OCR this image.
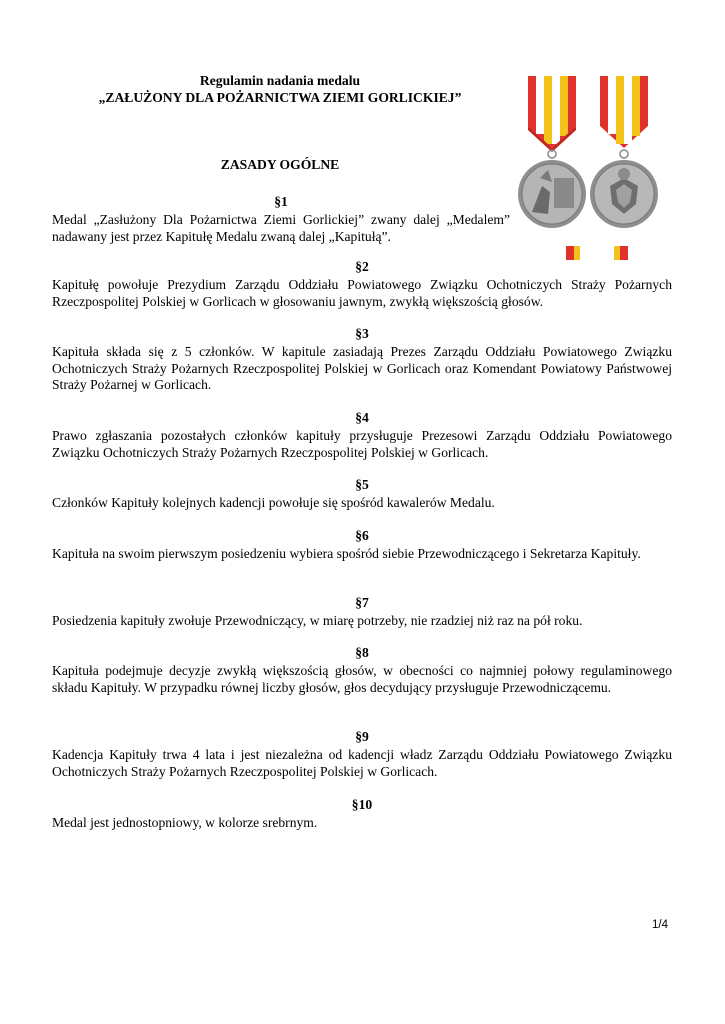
Regulamin nadania medalu
„ZAŁUŻONY DLA POŻARNICTWA ZIEMI GORLICKIEJ”
ZASADY OGÓLNE
§1
Medal „Zasłużony Dla Pożarnictwa Ziemi Gorlickiej” zwany dalej „Medalem” nadawany jest przez Kapitułę Medalu zwaną dalej „Kapitułą”.
§2
Kapitułę powołuje Prezydium Zarządu Oddziału Powiatowego Związku Ochotniczych Straży Pożarnych Rzeczpospolitej Polskiej w Gorlicach w głosowaniu jawnym, zwykłą większością głosów.
§3
Kapituła składa się z 5 członków. W kapitule zasiadają Prezes Zarządu Oddziału Powiatowego Związku Ochotniczych Straży Pożarnych Rzeczpospolitej Polskiej w Gorlicach oraz Komendant Powiatowy Państwowej Straży Pożarnej w Gorlicach.
§4
Prawo zgłaszania pozostałych członków kapituły przysługuje Prezesowi Zarządu Oddziału Powiatowego Związku Ochotniczych Straży Pożarnych Rzeczpospolitej Polskiej w Gorlicach.
§5
Członków Kapituły kolejnych kadencji powołuje się spośród kawalerów Medalu.
§6
Kapituła na swoim pierwszym posiedzeniu wybiera spośród siebie Przewodniczącego i Sekretarza Kapituły.
§7
Posiedzenia kapituły zwołuje Przewodniczący, w miarę potrzeby, nie rzadziej niż raz na pół roku.
§8
Kapituła podejmuje decyzje zwykłą większością głosów, w obecności co najmniej połowy regulaminowego składu Kapituły. W przypadku równej liczby głosów, głos decydujący przysługuje Przewodniczącemu.
§9
Kadencja Kapituły trwa 4 lata i jest niezależna od kadencji władz Zarządu Oddziału Powiatowego Związku Ochotniczych Straży Pożarnych Rzeczpospolitej Polskiej w Gorlicach.
§10
Medal jest jednostopniowy, w kolorze srebrnym.
1/4
